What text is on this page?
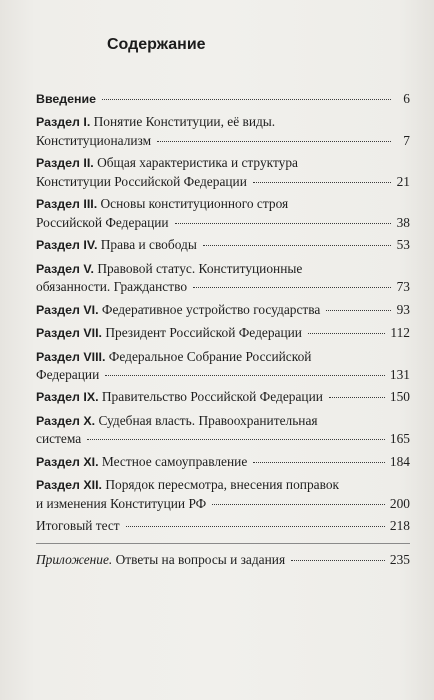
Содержание
Введение	6
Раздел I. Понятие Конституции, её виды.
Конституционализм	7
Раздел II. Общая характеристика и структура
Конституции Российской Федерации	21
Раздел III. Основы конституционного строя
Российской Федерации	38
Раздел IV. Права и свободы	53
Раздел V. Правовой статус. Конституционные
обязанности. Гражданство	73
Раздел VI. Федеративное устройство государства	93
Раздел VII. Президент Российской Федерации	112
Раздел VIII. Федеральное Собрание Российской
Федерации	131
Раздел IX. Правительство Российской Федерации	150
Раздел X. Судебная власть. Правоохранительная
система	165
Раздел XI. Местное самоуправление	184
Раздел XII. Порядок пересмотра, внесения поправок
и изменения Конституции РФ	200
Итоговый тест	218
Приложение. Ответы на вопросы и задания	235
